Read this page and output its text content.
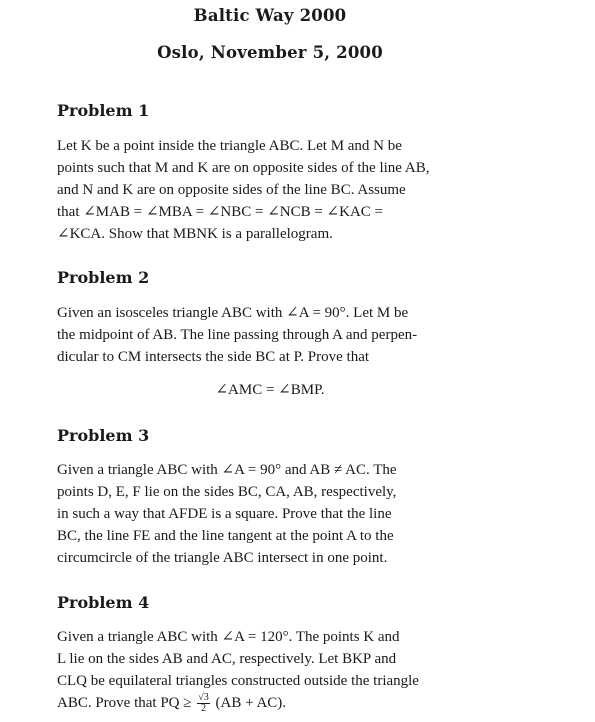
Baltic Way 2000
Oslo, November 5, 2000
Problem 1
Let K be a point inside the triangle ABC. Let M and N be
points such that M and K are on opposite sides of the line AB,
and N and K are on opposite sides of the line BC. Assume
that ∠MAB = ∠MBA = ∠NBC = ∠NCB = ∠KAC =
∠KCA. Show that MBNK is a parallelogram.
Problem 2
Given an isosceles triangle ABC with ∠A = 90°. Let M be
the midpoint of AB. The line passing through A and perpen-
dicular to CM intersects the side BC at P. Prove that
∠AMC = ∠BMP.
Problem 3
Given a triangle ABC with ∠A = 90° and AB ≠ AC. The
points D, E, F lie on the sides BC, CA, AB, respectively,
in such a way that AFDE is a square. Prove that the line
BC, the line FE and the line tangent at the point A to the
circumcircle of the triangle ABC intersect in one point.
Problem 4
Given a triangle ABC with ∠A = 120°. The points K and
L lie on the sides AB and AC, respectively. Let BKP and
CLQ be equilateral triangles constructed outside the triangle
ABC. Prove that PQ ≥ $\frac{√3}{2} (AB + AC)$.
